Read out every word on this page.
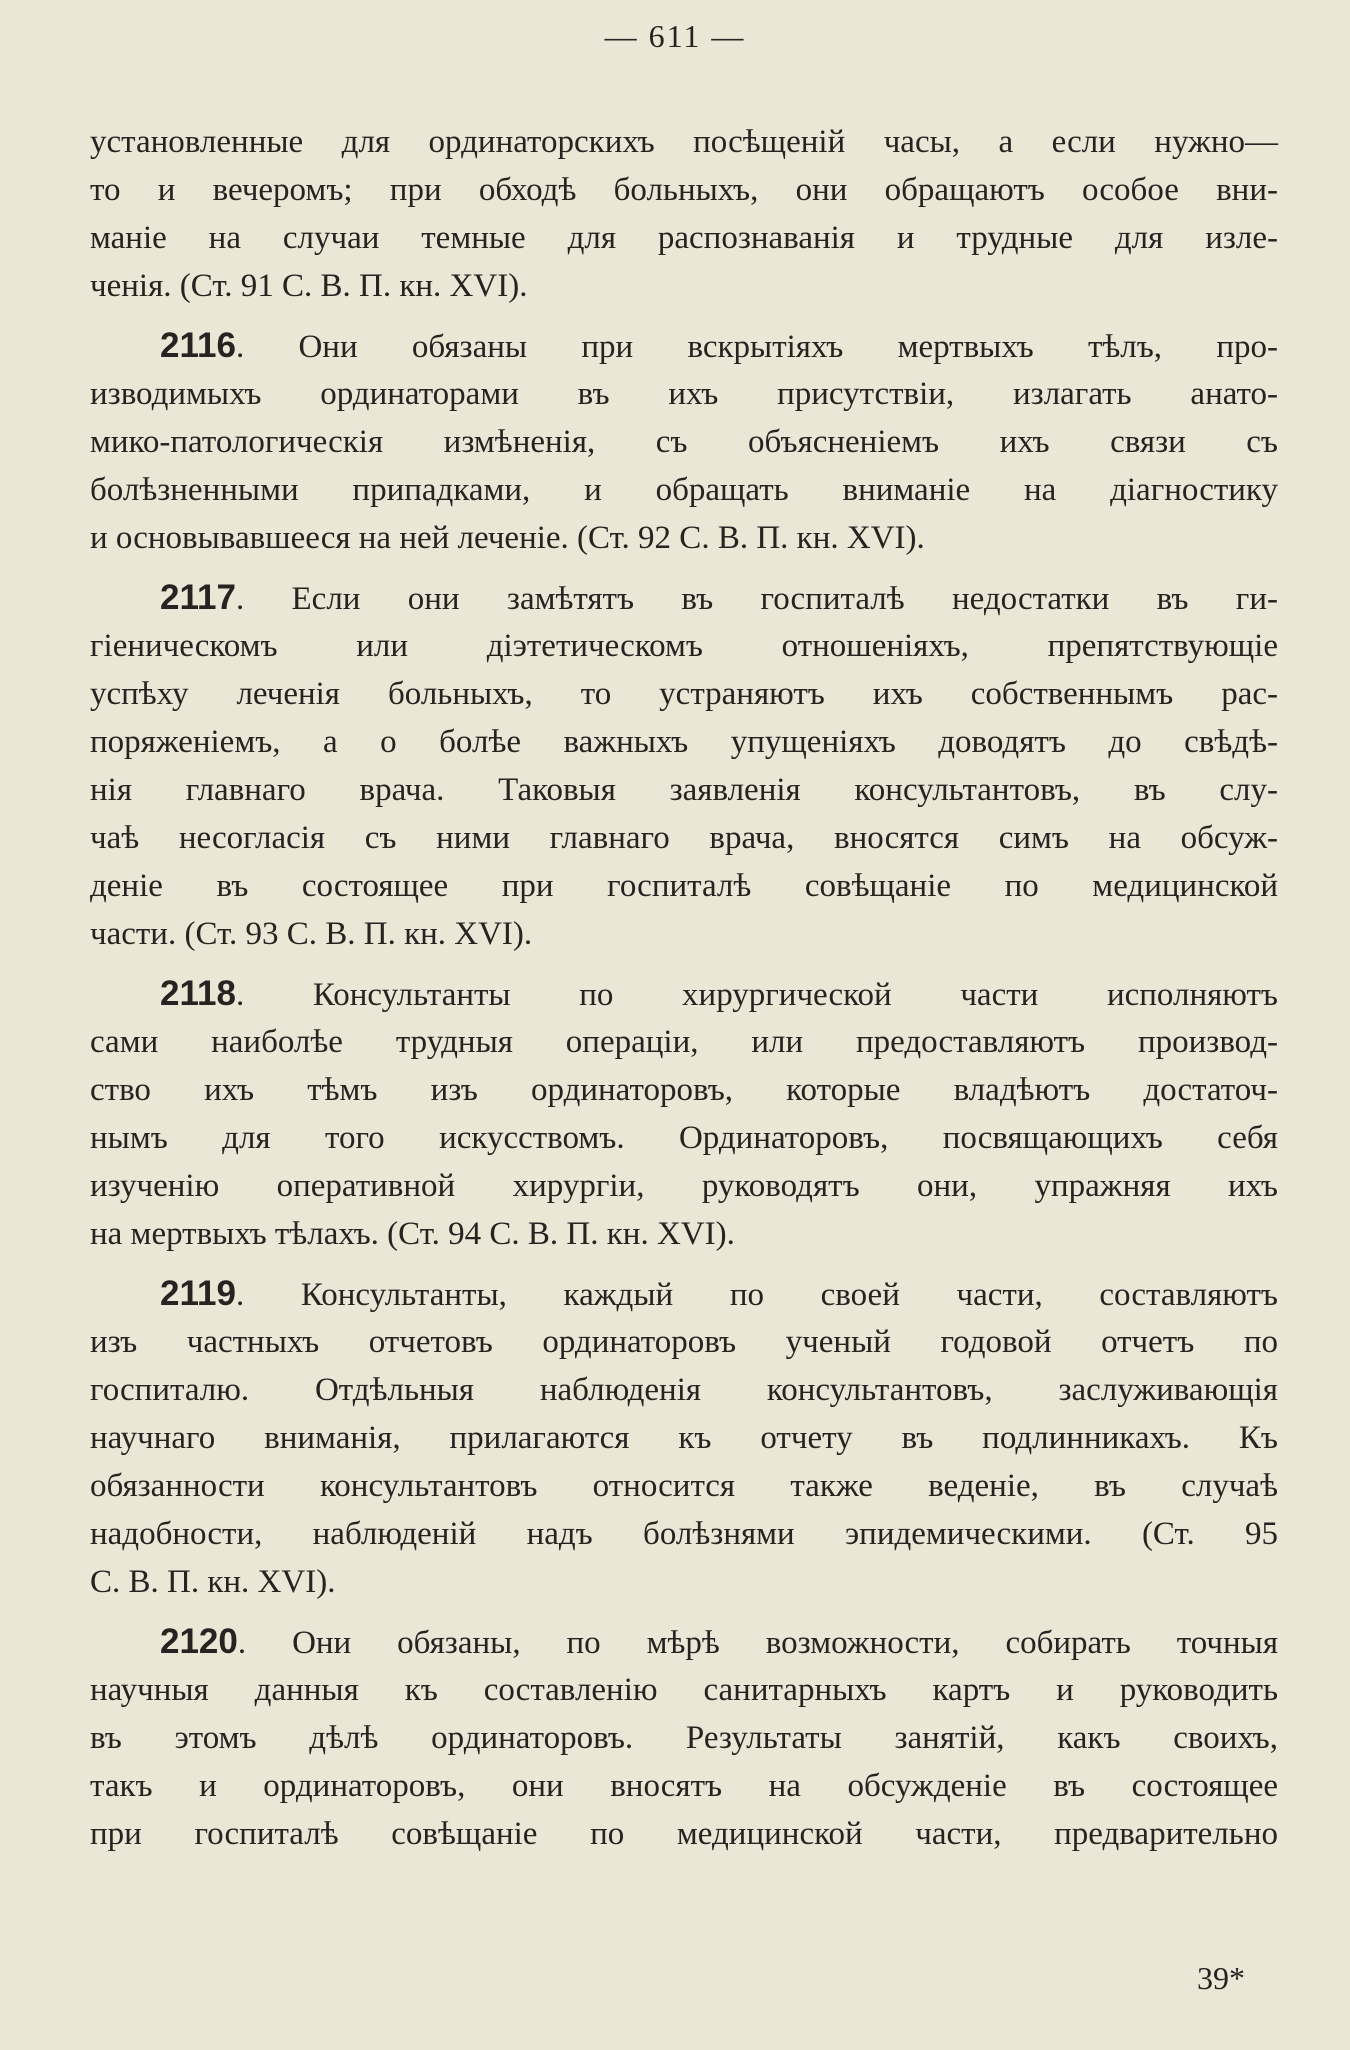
— 611 —
установленные для ординаторскихъ посѣщеній часы, а если нужно—
то и вечеромъ; при обходѣ больныхъ, они обращаютъ особое вни-
маніе на случаи темные для распознаванія и трудные для изле-
ченія. (Ст. 91 С. В. П. кн. XVI).
2116. Они обязаны при вскрытіяхъ мертвыхъ тѣлъ, про-
изводимыхъ ординаторами въ ихъ присутствіи, излагать анато-
мико-патологическія измѣненія, съ объясненіемъ ихъ связи съ
болѣзненными припадками, и обращать вниманіе на діагностику
и основывавшееся на ней леченіе. (Ст. 92 С. В. П. кн. XVI).
2117. Если они замѣтятъ въ госпиталѣ недостатки въ ги-
гіеническомъ или діэтетическомъ отношеніяхъ, препятствующіе
успѣху леченія больныхъ, то устраняютъ ихъ собственнымъ рас-
поряженіемъ, а о болѣе важныхъ упущеніяхъ доводятъ до свѣдѣ-
нія главнаго врача. Таковыя заявленія консультантовъ, въ слу-
чаѣ несогласія съ ними главнаго врача, вносятся симъ на обсуж-
деніе въ состоящее при госпиталѣ совѣщаніе по медицинской
части. (Ст. 93 С. В. П. кн. XVI).
2118. Консультанты по хирургической части исполняютъ
сами наиболѣе трудныя операціи, или предоставляютъ производ-
ство ихъ тѣмъ изъ ординаторовъ, которые владѣютъ достаточ-
нымъ для того искусствомъ. Ординаторовъ, посвящающихъ себя
изученію оперативной хирургіи, руководятъ они, упражняя ихъ
на мертвыхъ тѣлахъ. (Ст. 94 С. В. П. кн. XVI).
2119. Консультанты, каждый по своей части, составляютъ
изъ частныхъ отчетовъ ординаторовъ ученый годовой отчетъ по
госпиталю. Отдѣльныя наблюденія консультантовъ, заслуживающія
научнаго вниманія, прилагаются къ отчету въ подлинникахъ. Къ
обязанности консультантовъ относится также веденіе, въ случаѣ
надобности, наблюденій надъ болѣзнями эпидемическими. (Ст. 95
С. В. П. кн. XVI).
2120. Они обязаны, по мѣрѣ возможности, собирать точныя
научныя данныя къ составленію санитарныхъ картъ и руководить
въ этомъ дѣлѣ ординаторовъ. Результаты занятій, какъ своихъ,
такъ и ординаторовъ, они вносятъ на обсужденіе въ состоящее
при госпиталѣ совѣщаніе по медицинской части, предварительно
39*
